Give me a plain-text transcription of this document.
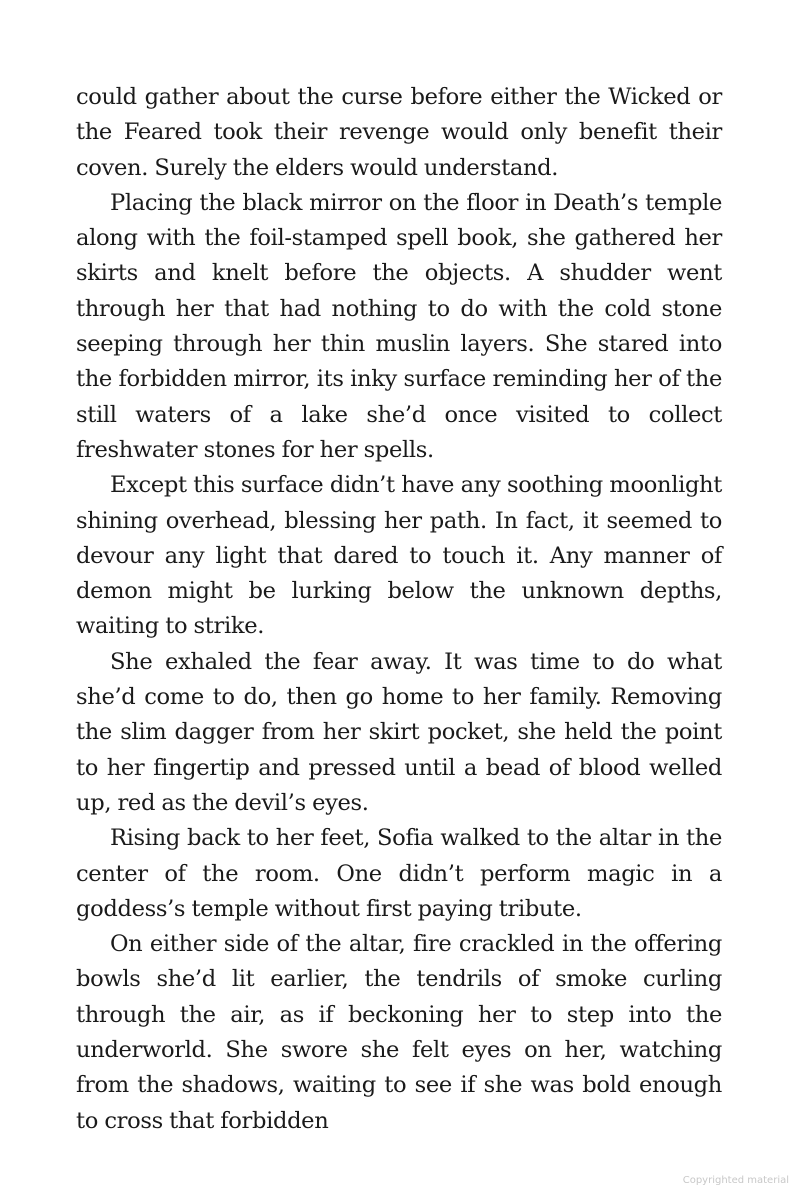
could gather about the curse before either the Wicked or the Feared took their revenge would only benefit their coven. Surely the elders would understand.

Placing the black mirror on the floor in Death’s temple along with the foil-stamped spell book, she gathered her skirts and knelt before the objects. A shudder went through her that had nothing to do with the cold stone seeping through her thin muslin layers. She stared into the forbidden mirror, its inky surface reminding her of the still waters of a lake she’d once visited to collect freshwater stones for her spells.

Except this surface didn’t have any soothing moonlight shining overhead, blessing her path. In fact, it seemed to devour any light that dared to touch it. Any manner of demon might be lurking below the unknown depths, waiting to strike.

She exhaled the fear away. It was time to do what she’d come to do, then go home to her family. Removing the slim dagger from her skirt pocket, she held the point to her fingertip and pressed until a bead of blood welled up, red as the devil’s eyes.

Rising back to her feet, Sofia walked to the altar in the center of the room. One didn’t perform magic in a goddess’s temple without first paying tribute.

On either side of the altar, fire crackled in the offering bowls she’d lit earlier, the tendrils of smoke curling through the air, as if beckoning her to step into the underworld. She swore she felt eyes on her, watching from the shadows, waiting to see if she was bold enough to cross that forbidden

Copyrighted material
